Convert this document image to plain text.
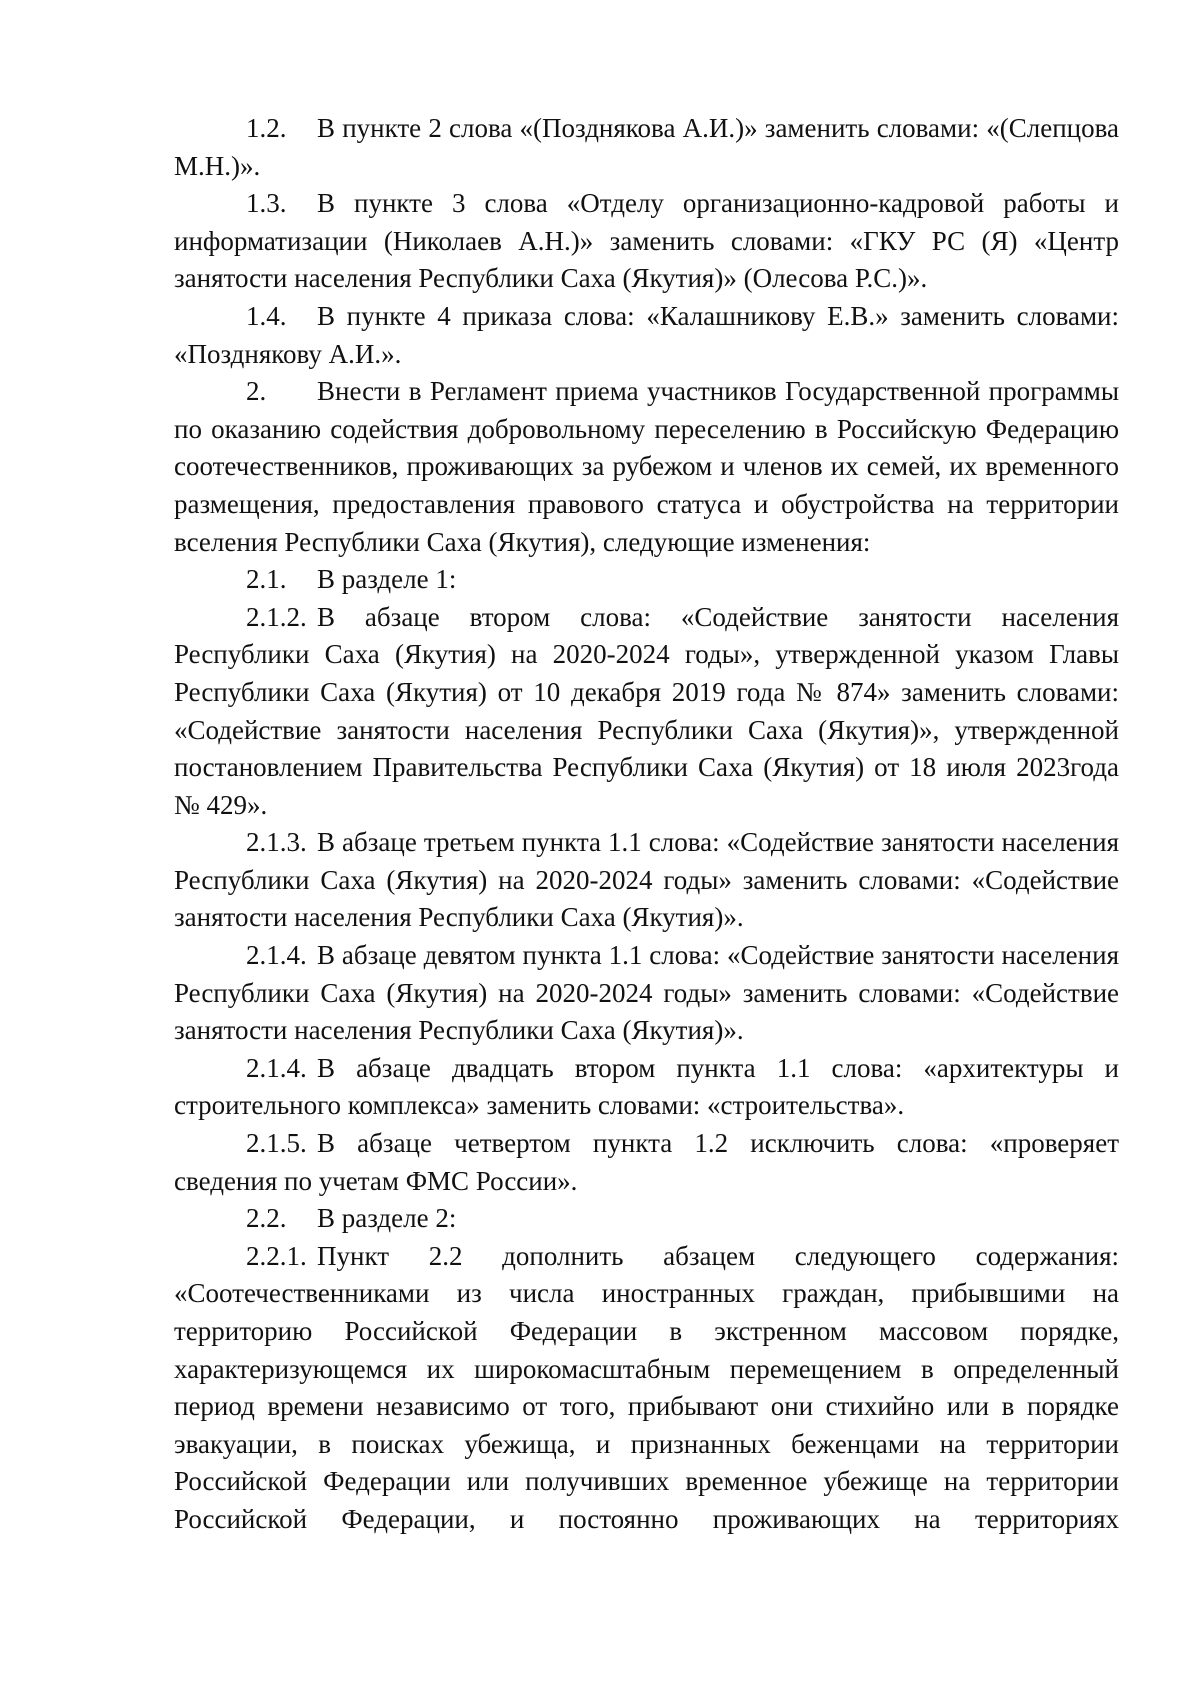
1.2. В пункте 2 слова «(Позднякова А.И.)» заменить словами: «(Слепцова М.Н.)».

1.3. В пункте 3 слова «Отделу организационно-кадровой работы и информатизации (Николаев А.Н.)» заменить словами: «ГКУ РС (Я) «Центр занятости населения Республики Саха (Якутия)» (Олесова Р.С.)».

1.4. В пункте 4 приказа слова: «Калашникову Е.В.» заменить словами: «Позднякову А.И.».

2. Внести в Регламент приема участников Государственной программы по оказанию содействия добровольному переселению в Российскую Федерацию соотечественников, проживающих за рубежом и членов их семей, их временного размещения, предоставления правового статуса и обустройства на территории вселения Республики Саха (Якутия), следующие изменения:

2.1. В разделе 1:

2.1.2. В абзаце втором слова: «Содействие занятости населения Республики Саха (Якутия) на 2020-2024 годы», утвержденной указом Главы Республики Саха (Якутия) от 10 декабря 2019 года № 874» заменить словами: «Содействие занятости населения Республики Саха (Якутия)», утвержденной постановлением Правительства Республики Саха (Якутия) от 18 июля 2023года № 429».

2.1.3. В абзаце третьем пункта 1.1 слова: «Содействие занятости населения Республики Саха (Якутия) на 2020-2024 годы» заменить словами: «Содействие занятости населения Республики Саха (Якутия)».

2.1.4. В абзаце девятом пункта 1.1 слова: «Содействие занятости населения Республики Саха (Якутия) на 2020-2024 годы» заменить словами: «Содействие занятости населения Республики Саха (Якутия)».

2.1.4. В абзаце двадцать втором пункта 1.1 слова: «архитектуры и строительного комплекса» заменить словами: «строительства».

2.1.5. В абзаце четвертом пункта 1.2 исключить слова: «проверяет сведения по учетам ФМС России».

2.2. В разделе 2:

2.2.1. Пункт 2.2 дополнить абзацем следующего содержания: «Соотечественниками из числа иностранных граждан, прибывшими на территорию Российской Федерации в экстренном массовом порядке, характеризующемся их широкомасштабным перемещением в определенный период времени независимо от того, прибывают они стихийно или в порядке эвакуации, в поисках убежища, и признанных беженцами на территории Российской Федерации или получивших временное убежище на территории Российской Федерации, и постоянно проживающих на территориях
